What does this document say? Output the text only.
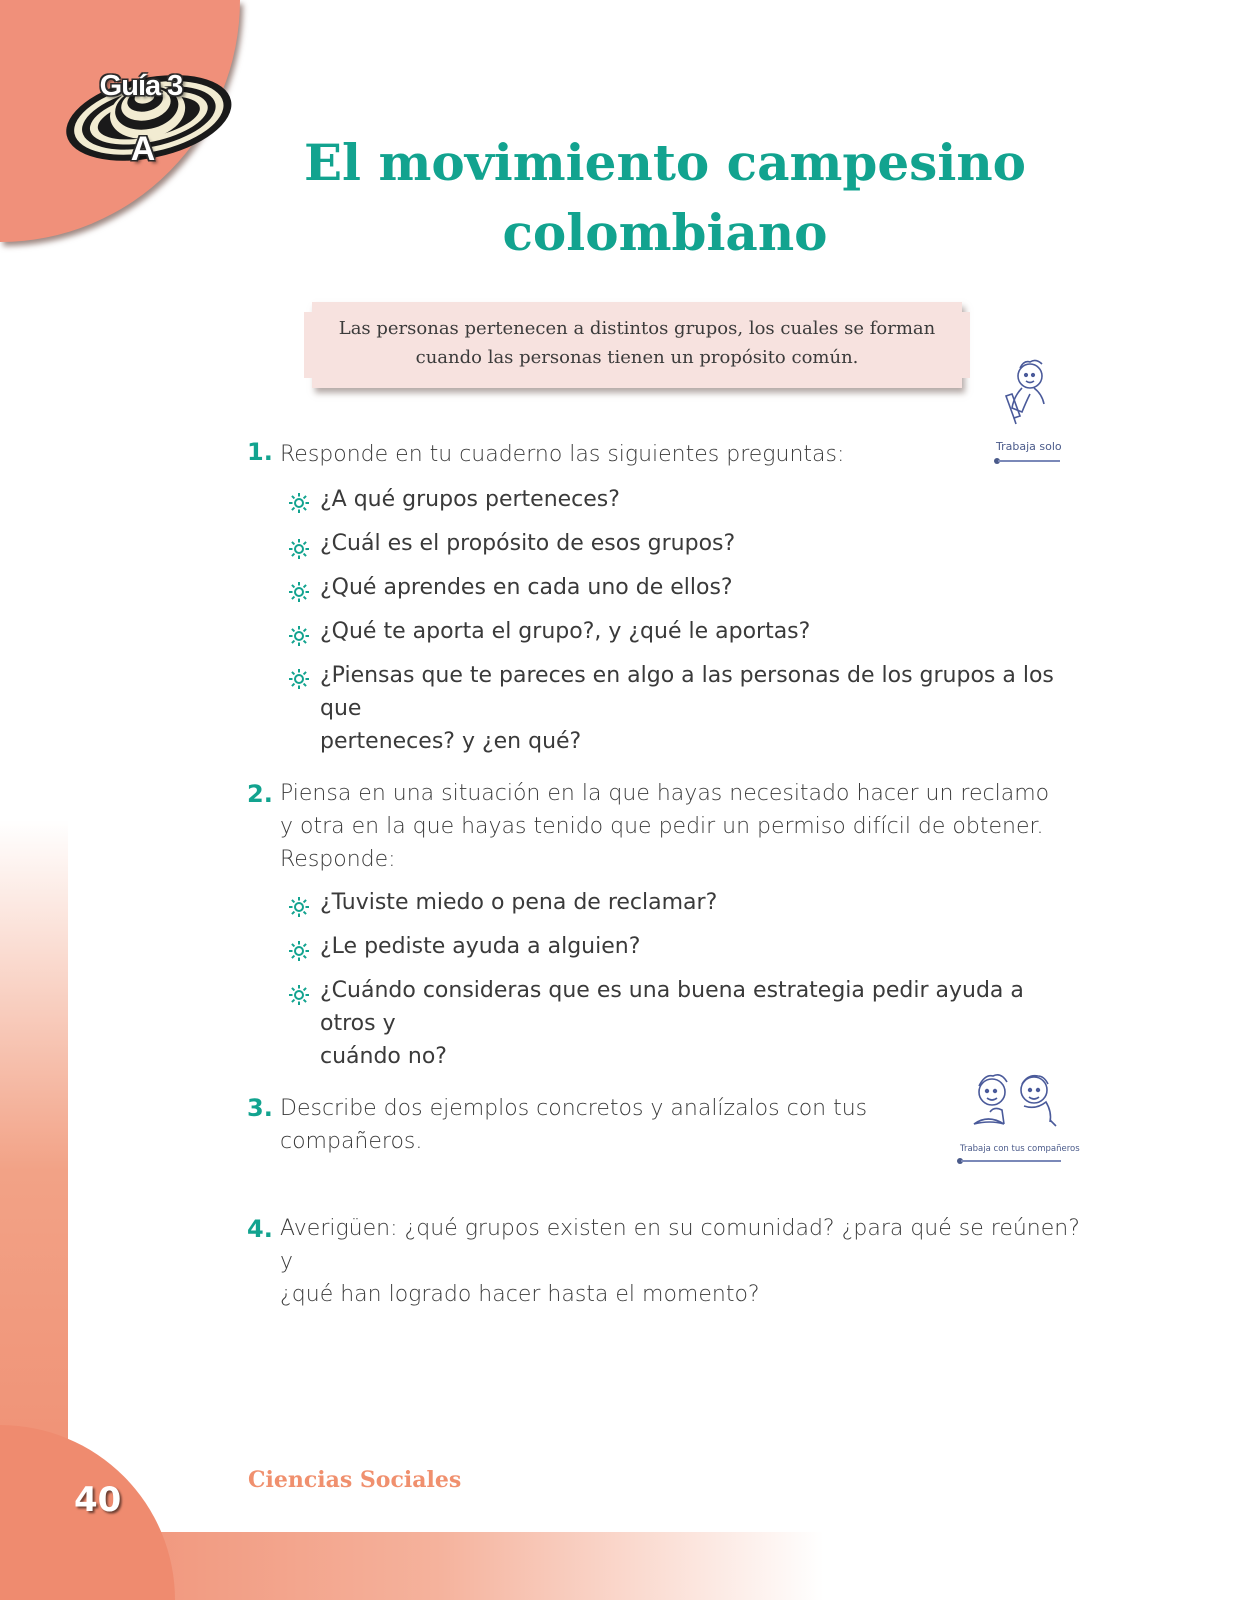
40	Ciencias Sociales
Guía 3
A	El movimiento campesino
colombiano
Las personas pertenecen a distintos grupos, los cuales se forman
cuando las personas tienen un propósito común.
Trabaja solo
Trabaja con tus compañeros
1. Responde en tu cuaderno las siguientes preguntas:
¿A qué grupos perteneces?
¿Cuál es el propósito de esos grupos?
¿Qué aprendes en cada uno de ellos?
¿Qué te aporta el grupo?, y ¿qué le aportas?
¿Piensas que te pareces en algo a las personas de los grupos a los que
perteneces? y ¿en qué?
2. Piensa en una situación en la que hayas necesitado hacer un reclamo
y otra en la que hayas tenido que pedir un permiso difícil de obtener.
Responde:
¿Tuviste miedo o pena de reclamar?
¿Le pediste ayuda a alguien?
¿Cuándo consideras que es una buena estrategia pedir ayuda a otros y
cuándo no?
3. Describe dos ejemplos concretos y analízalos con tus
compañeros.
4. Averigüen: ¿qué grupos existen en su comunidad? ¿para qué se reúnen? y
¿qué han logrado hacer hasta el momento?
